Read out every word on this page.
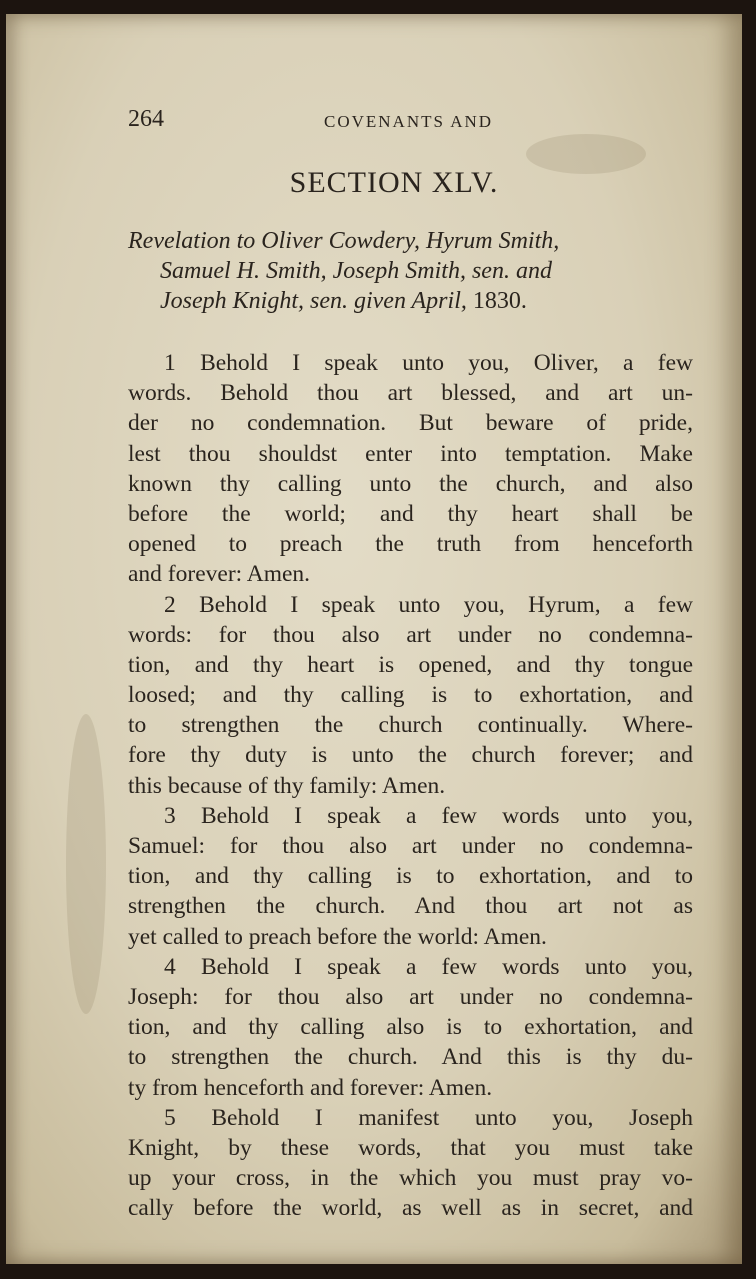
264	COVENANTS AND
SECTION XLV.
Revelation to Oliver Cowdery, Hyrum Smith,
Samuel H. Smith, Joseph Smith, sen. and
Joseph Knight, sen. given April, 1830.
1 Behold I speak unto you, Oliver, a few
words. Behold thou art blessed, and art un-
der no condemnation. But beware of pride,
lest thou shouldst enter into temptation. Make
known thy calling unto the church, and also
before the world; and thy heart shall be
opened to preach the truth from henceforth
and forever: Amen.
2 Behold I speak unto you, Hyrum, a few
words: for thou also art under no condemna-
tion, and thy heart is opened, and thy tongue
loosed; and thy calling is to exhortation, and
to strengthen the church continually. Where-
fore thy duty is unto the church forever; and
this because of thy family: Amen.
3 Behold I speak a few words unto you,
Samuel: for thou also art under no condemna-
tion, and thy calling is to exhortation, and to
strengthen the church. And thou art not as
yet called to preach before the world: Amen.
4 Behold I speak a few words unto you,
Joseph: for thou also art under no condemna-
tion, and thy calling also is to exhortation, and
to strengthen the church. And this is thy du-
ty from henceforth and forever: Amen.
5 Behold I manifest unto you, Joseph
Knight, by these words, that you must take
up your cross, in the which you must pray vo-
cally before the world, as well as in secret, and
